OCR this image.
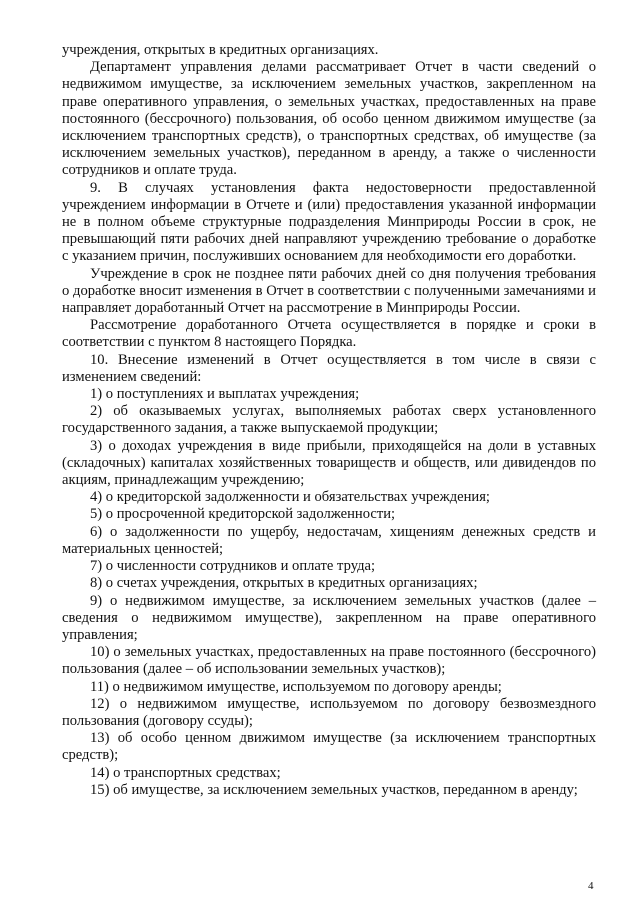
учреждения, открытых в кредитных организациях.

Департамент управления делами рассматривает Отчет в части сведений о недвижимом имуществе, за исключением земельных участков, закрепленном на праве оперативного управления, о земельных участках, предоставленных на праве постоянного (бессрочного) пользования, об особо ценном движимом имуществе (за исключением транспортных средств), о транспортных средствах, об имуществе (за исключением земельных участков), переданном в аренду, а также о численности сотрудников и оплате труда.

9. В случаях установления факта недостоверности предоставленной учреждением информации в Отчете и (или) предоставления указанной информации не в полном объеме структурные подразделения Минприроды России в срок, не превышающий пяти рабочих дней направляют учреждению требование о доработке с указанием причин, послуживших основанием для необходимости его доработки.

Учреждение в срок не позднее пяти рабочих дней со дня получения требования о доработке вносит изменения в Отчет в соответствии с полученными замечаниями и направляет доработанный Отчет на рассмотрение в Минприроды России.

Рассмотрение доработанного Отчета осуществляется в порядке и сроки в соответствии с пунктом 8 настоящего Порядка.

10. Внесение изменений в Отчет осуществляется в том числе в связи с изменением сведений:

1) о поступлениях и выплатах учреждения;

2) об оказываемых услугах, выполняемых работах сверх установленного государственного задания, а также выпускаемой продукции;

3) о доходах учреждения в виде прибыли, приходящейся на доли в уставных (складочных) капиталах хозяйственных товариществ и обществ, или дивидендов по акциям, принадлежащим учреждению;

4) о кредиторской задолженности и обязательствах учреждения;

5) о просроченной кредиторской задолженности;

6) о задолженности по ущербу, недостачам, хищениям денежных средств и материальных ценностей;

7) о численности сотрудников и оплате труда;

8) о счетах учреждения, открытых в кредитных организациях;

9) о недвижимом имуществе, за исключением земельных участков (далее – сведения о недвижимом имуществе), закрепленном на праве оперативного управления;

10) о земельных участках, предоставленных на праве постоянного (бессрочного) пользования (далее – об использовании земельных участков);

11) о недвижимом имуществе, используемом по договору аренды;

12) о недвижимом имуществе, используемом по договору безвозмездного пользования (договору ссуды);

13) об особо ценном движимом имуществе (за исключением транспортных средств);

14) о транспортных средствах;

15) об имуществе, за исключением земельных участков, переданном в аренду;

4
